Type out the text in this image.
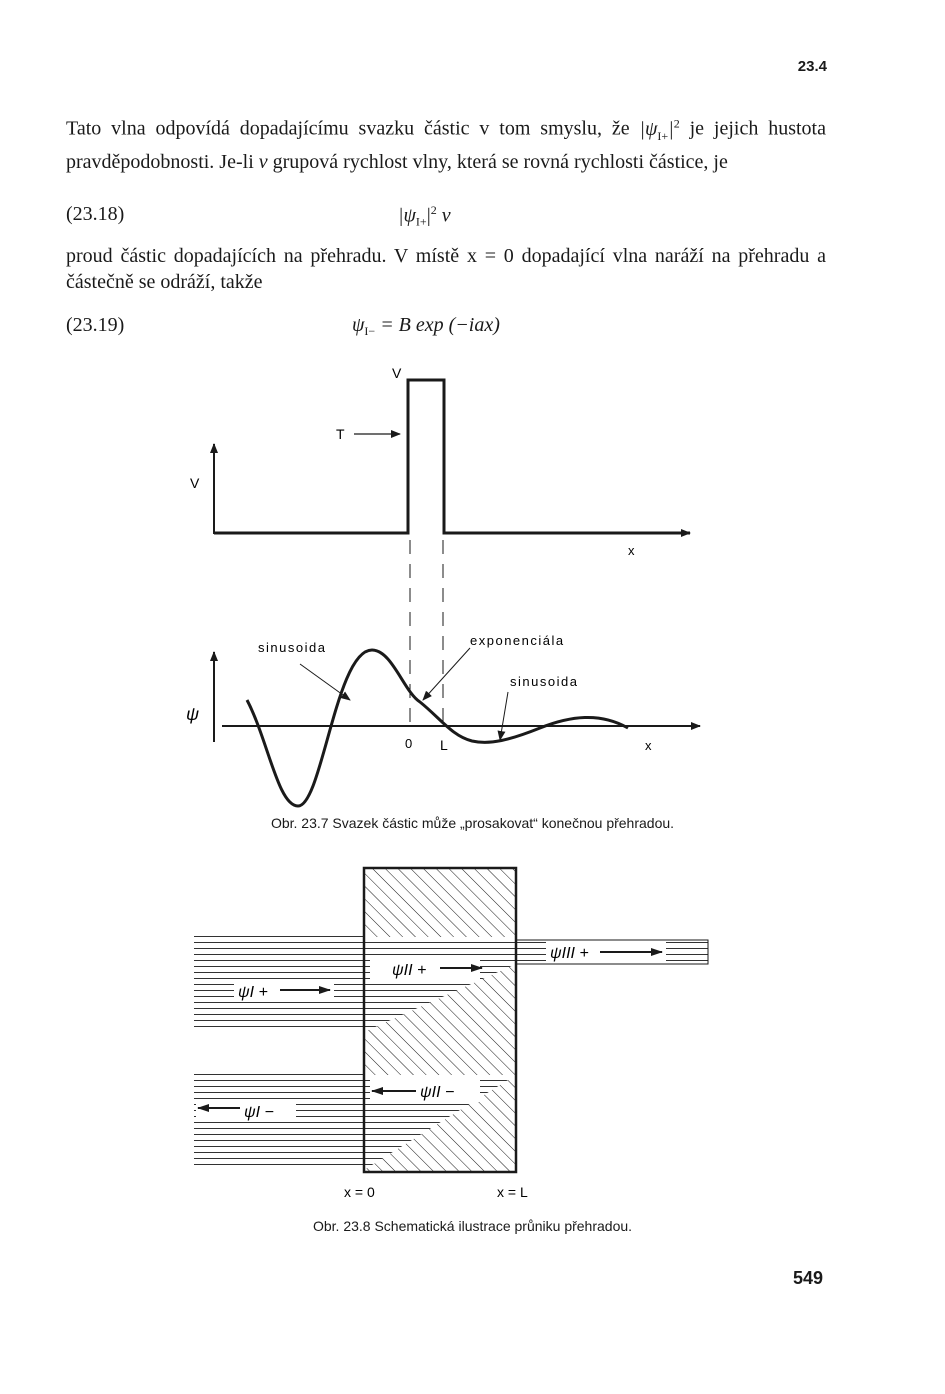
23.4
Tato vlna odpovídá dopadajícímu svazku částic v tom smyslu, že $|\psi_{I+}|^2$ je jejich hustota pravděpodobnosti. Je-li v grupová rychlost vlny, která se rovná rychlosti částice, je
(23.18)	$|\psi_{I+}|^2$ v
proud částic dopadajících na přehradu. V místě x = 0 dopadající vlna naráží na přehradu a částečně se odráží, takže
(23.19)	$\psi_{I-} = B$ exp (−iax)
V
V
T
x
ψ
sinusoida	exponenciála
sinusoida
0 L	x
Obr. 23.7 Svazek částic může „prosakovat“ konečnou přehradou.
ψI +
ψII +
ψIII +
ψII −
ψI −
x = 0	x = L
Obr. 23.8 Schematická ilustrace průniku přehradou.
549
